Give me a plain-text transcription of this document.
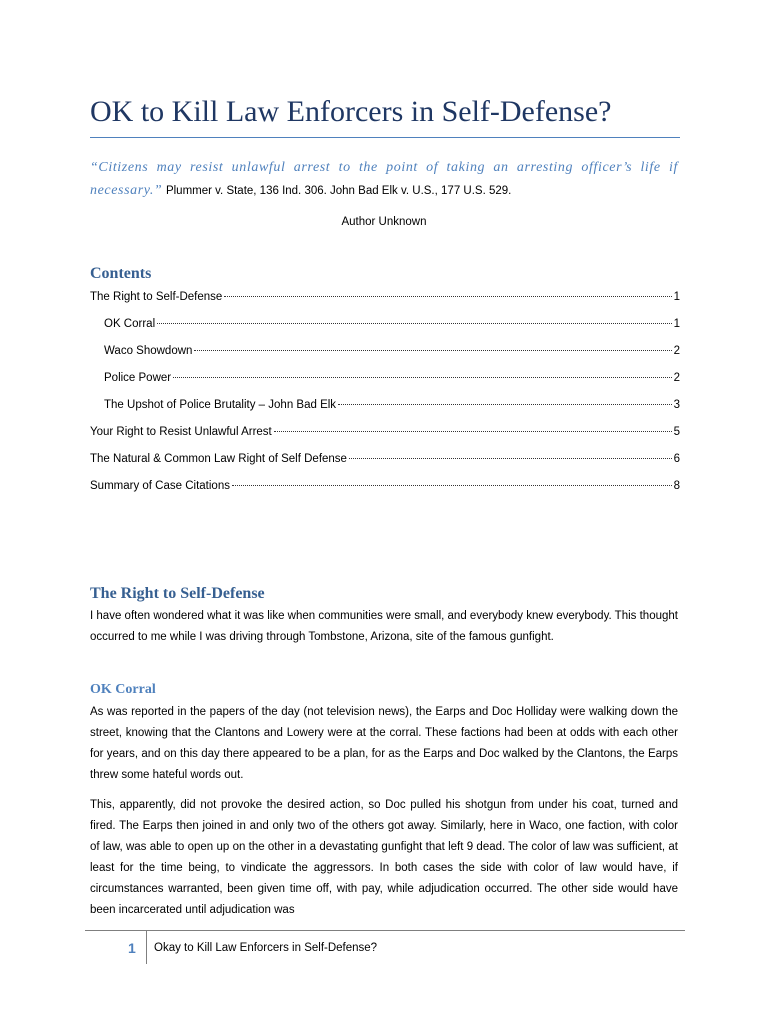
OK to Kill Law Enforcers in Self-Defense?
“Citizens may resist unlawful arrest to the point of taking an arresting officer’s life if necessary.” Plummer v. State, 136 Ind. 306. John Bad Elk v. U.S., 177 U.S. 529.
Author Unknown
Contents
The Right to Self-Defense	1
OK Corral	1
Waco Showdown	2
Police Power	2
The Upshot of Police Brutality – John Bad Elk	3
Your Right to Resist Unlawful Arrest	5
The Natural & Common Law Right of Self Defense	6
Summary of Case Citations	8
The Right to Self-Defense

I have often wondered what it was like when communities were small, and everybody knew everybody. This thought occurred to me while I was driving through Tombstone, Arizona, site of the famous gunfight.

OK Corral

As was reported in the papers of the day (not television news), the Earps and Doc Holliday were walking down the street, knowing that the Clantons and Lowery were at the corral. These factions had been at odds with each other for years, and on this day there appeared to be a plan, for as the Earps and Doc walked by the Clantons, the Earps threw some hateful words out.

This, apparently, did not provoke the desired action, so Doc pulled his shotgun from under his coat, turned and fired. The Earps then joined in and only two of the others got away. Similarly, here in Waco, one faction, with color of law, was able to open up on the other in a devastating gunfight that left 9 dead. The color of law was sufficient, at least for the time being, to vindicate the aggressors. In both cases the side with color of law would have, if circumstances warranted, been given time off, with pay, while adjudication occurred. The other side would have been incarcerated until adjudication was

1 Okay to Kill Law Enforcers in Self-Defense?
